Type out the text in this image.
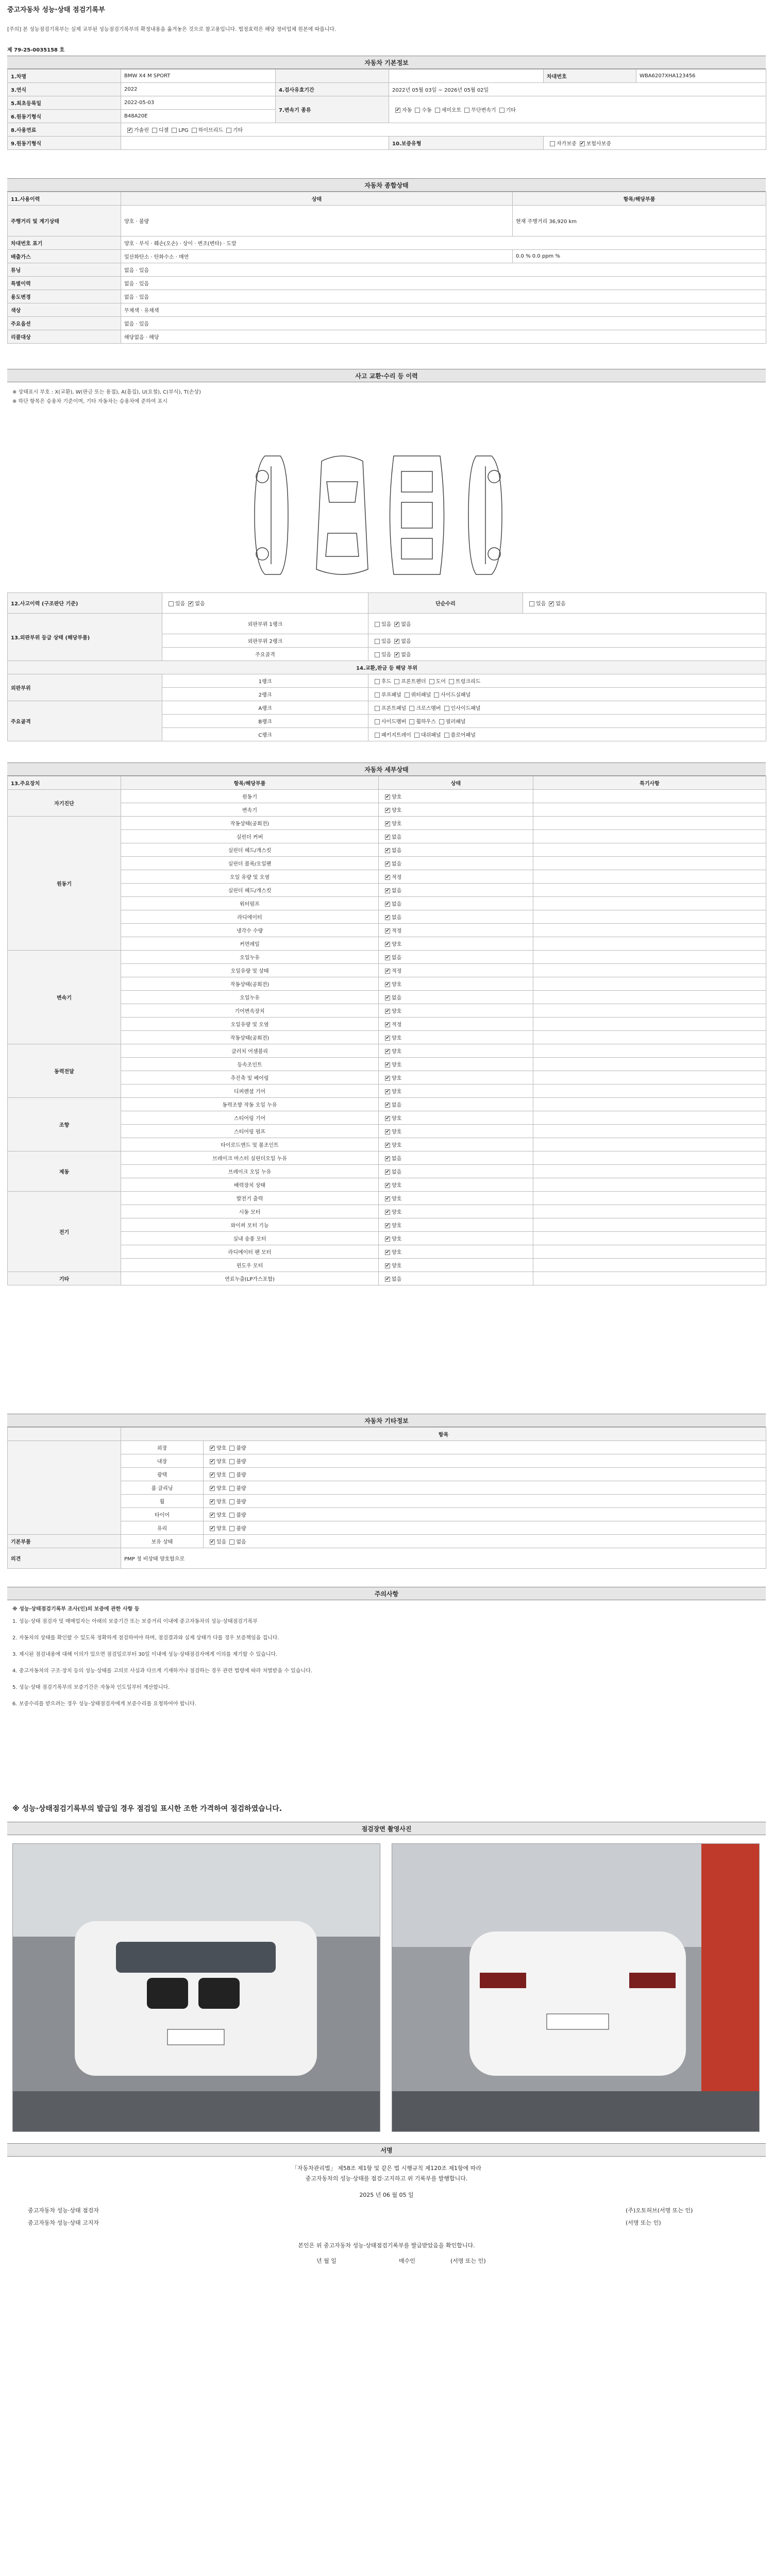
중고자동차 성능·상태 점검기록부
[주의] 본 성능점검기록부는 실제 교부된 성능점검기록부의 확정내용을 옮겨놓은 것으로 참고용입니다. 법정효력은 해당 정비업체 원본에 따릅니다.
제 79-25-0035158 호
자동차 기본정보
1.차명	BMW X4 M SPORT			차대번호	WBA6207XHA123456
3.연식	2022	4.검사유효기간	2022년 05월 03일 ~ 2026년 05월 02일		
5.최초등록일	2022-05-03	7.변속기 종류	✔자동 수동 세미오토 무단변속기 기타
6.원동기형식	B48A20E				
8.사용연료	✔가솔린 디젤 LPG 하이브리드 기타
9.원동기형식			10.보증유형	자가보증 ✔ 보험사보증
자동차 종합상태
11.사용이력	상태	항목/해당부품
주행거리 및 계기상태	양호 · 불량	현재 주행거리 36,920 km
차대번호 표기	양호 · 부식 · 훼손(오손) · 상이 · 변조(변타) · 도말	
배출가스	일산화탄소 · 탄화수소 · 매연	0.0 % 0.0 ppm %
튜닝	없음 · 있음	
특별이력	없음 · 있음	
용도변경	없음 · 있음	
색상	무채색 · 유채색	
주요옵션	없음 · 있음	
리콜대상	해당없음 · 해당	
사고 교환·수리 등 이력
※ 상태표시 부호 : X(교환), W(판금 또는 용접), A(흠집), U(요철), C(부식), T(손상)
※ 하단 항목은 승용차 기준이며, 기타 자동차는 승용차에 준하여 표시
12.사고이력 (구조판단 기준)	있음 ✔ 없음	단순수리	있음 ✔ 없음
13.외판부위 등급 상태 (해당부품)	외판부위 1랭크	있음 ✔ 없음
	외판부위 2랭크	있음 ✔ 없음
	주요골격	있음 ✔ 없음
14.교환,판금 등 해당 부위			
외판부위	1랭크	후드 프론트펜더 도어 트렁크리드	
	2랭크	루프패널 쿼터패널 사이드실패널	
주요골격	A랭크	프론트패널 크로스멤버 인사이드패널	
	B랭크	사이드멤버 휠하우스 필러패널	
	C랭크	패키지트레이 대쉬패널 플로어패널	
자동차 세부상태
13.주요장치	항목/해당부품	상태	특기사항
자기진단	원동기	✔양호	
	변속기	✔양호	
원동기	작동상태(공회전)	✔양호	
	실린더 커버	✔없음	
	실린더 헤드/개스킷	✔없음	
	실린더 블록/오일팬	✔없음	
	오일 유량 및 오염	✔적정	
	실린더 헤드/개스킷	✔없음	
	워터펌프	✔없음	
	라디에이터	✔없음	
	냉각수 수량	✔적정	
	커먼레일	✔양호	
변속기	오일누유	✔없음	
	오일유량 및 상태	✔적정	
	작동상태(공회전)	✔양호	
	오일누유	✔없음	
	기어변속장치	✔양호	
	오일유량 및 오염	✔적정	
	작동상태(공회전)	✔양호	
동력전달	클러치 어셈블리	✔양호	
	등속조인트	✔양호	
	추진축 및 베어링	✔양호	
	디퍼렌셜 기어	✔양호	
조향	동력조향 작동 오일 누유	✔없음	
	스티어링 기어	✔양호	
	스티어링 펌프	✔양호	
	타이로드엔드 및 볼조인트	✔양호	
제동	브레이크 마스터 실린더오일 누유	✔없음	
	브레이크 오일 누유	✔없음	
	배력장치 상태	✔양호	
전기	발전기 출력	✔양호	
	시동 모터	✔양호	
	와이퍼 모터 기능	✔양호	
	실내 송풍 모터	✔양호	
	라디에이터 팬 모터	✔양호	
	윈도우 모터	✔양호	
기타	연료누출(LP가스포함)	✔없음	
자동차 기타정보
	항목	
	외장	✔양호 불량
	내장	✔양호 불량
	광택	✔양호 불량
	룸 클리닝	✔양호 불량
	휠	✔양호 불량
	타이어	✔양호 불량
	유리	✔양호 불량
기본부품	보유 상태	✔있음 없음
의견	PMP 정 비상태 양호함으로	
주의사항
※ 성능·상태점검기록부 조사(인)의 보증에 관한 사항 등
1. 성능·상태 점검자 및 매매업자는 아래의 보증기간 또는 보증거리 이내에 중고자동차의 성능·상태점검기록부
2. 자동차의 상태를 확인할 수 있도록 정확하게 점검하여야 하며, 점검결과와 실제 상태가 다를 경우 보증책임을 집니다.
3. 제시된 점검내용에 대해 이의가 있으면 점검일로부터 30일 이내에 성능·상태점검자에게 이의를 제기할 수 있습니다.
4. 중고자동차의 구조·장치 등의 성능·상태를 고의로 사실과 다르게 기재하거나 점검하는 경우 관련 법령에 따라 처벌받을 수 있습니다.
5. 성능·상태 점검기록부의 보증기간은 자동차 인도일부터 계산합니다.
6. 보증수리를 받으려는 경우 성능·상태점검자에게 보증수리를 요청하여야 합니다.
※ 성능·상태점검기록부의 발급일 경우 점검일 표시한 조한 가격하여 점검하였습니다.
점검장면 촬영사진
서명
「자동차관리법」 제58조 제1항 및 같은 법 시행규칙 제120조 제1항에 따라
중고자동차의 성능·상태를 점검·고지하고 위 기록부를 발행합니다.
2025 년 06 월 05 일
중고자동차 성능·상태 점검자	(주)오토허브(서명 또는 인)
중고자동차 성능·상태 고지자	(서명 또는 인)
본인은 위 중고자동차 성능·상태점검기록부를 발급받았음을 확인합니다.
년 월 일	매수인	(서명 또는 인)
